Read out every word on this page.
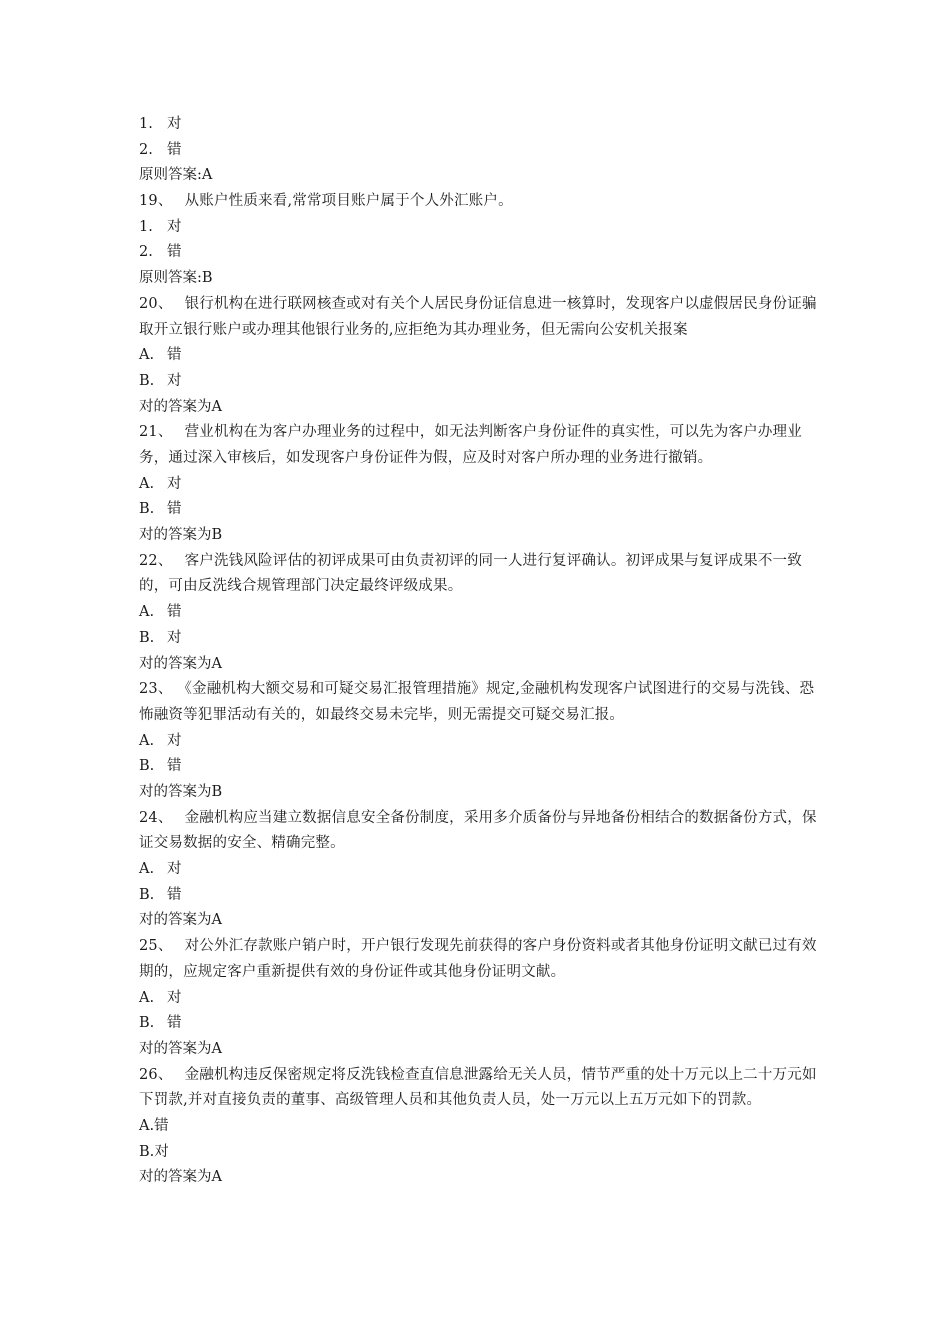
1. 对
2. 错
原则答案:A
19、 从账户性质来看,常常项目账户属于个人外汇账户。
1. 对
2. 错
原则答案:B
20、 银行机构在进行联网核查或对有关个人居民身份证信息进一核算时，发现客户以虚假居民身份证骗取开立银行账户或办理其他银行业务的,应拒绝为其办理业务，但无需向公安机关报案
A. 错
B. 对
对的答案为A
21、 营业机构在为客户办理业务的过程中，如无法判断客户身份证件的真实性，可以先为客户办理业务，通过深入审核后，如发现客户身份证件为假，应及时对客户所办理的业务进行撤销。
A. 对
B. 错
对的答案为B
22、 客户洗钱风险评估的初评成果可由负责初评的同一人进行复评确认。初评成果与复评成果不一致的，可由反洗线合规管理部门决定最终评级成果。
A. 错
B. 对
对的答案为A
23、 《金融机构大额交易和可疑交易汇报管理措施》规定,金融机构发现客户试图进行的交易与洗钱、恐怖融资等犯罪活动有关的，如最终交易未完毕，则无需提交可疑交易汇报。
A. 对
B. 错
对的答案为B
24、 金融机构应当建立数据信息安全备份制度，采用多介质备份与异地备份相结合的数据备份方式，保证交易数据的安全、精确完整。
A. 对
B. 错
对的答案为A
25、 对公外汇存款账户销户时，开户银行发现先前获得的客户身份资料或者其他身份证明文献已过有效期的，应规定客户重新提供有效的身份证件或其他身份证明文献。
A. 对
B. 错
对的答案为A
26、 金融机构违反保密规定将反洗钱检查直信息泄露给无关人员，情节严重的处十万元以上二十万元如下罚款,并对直接负责的董事、高级管理人员和其他负责人员，处一万元以上五万元如下的罚款。
A.错
B.对
对的答案为A
